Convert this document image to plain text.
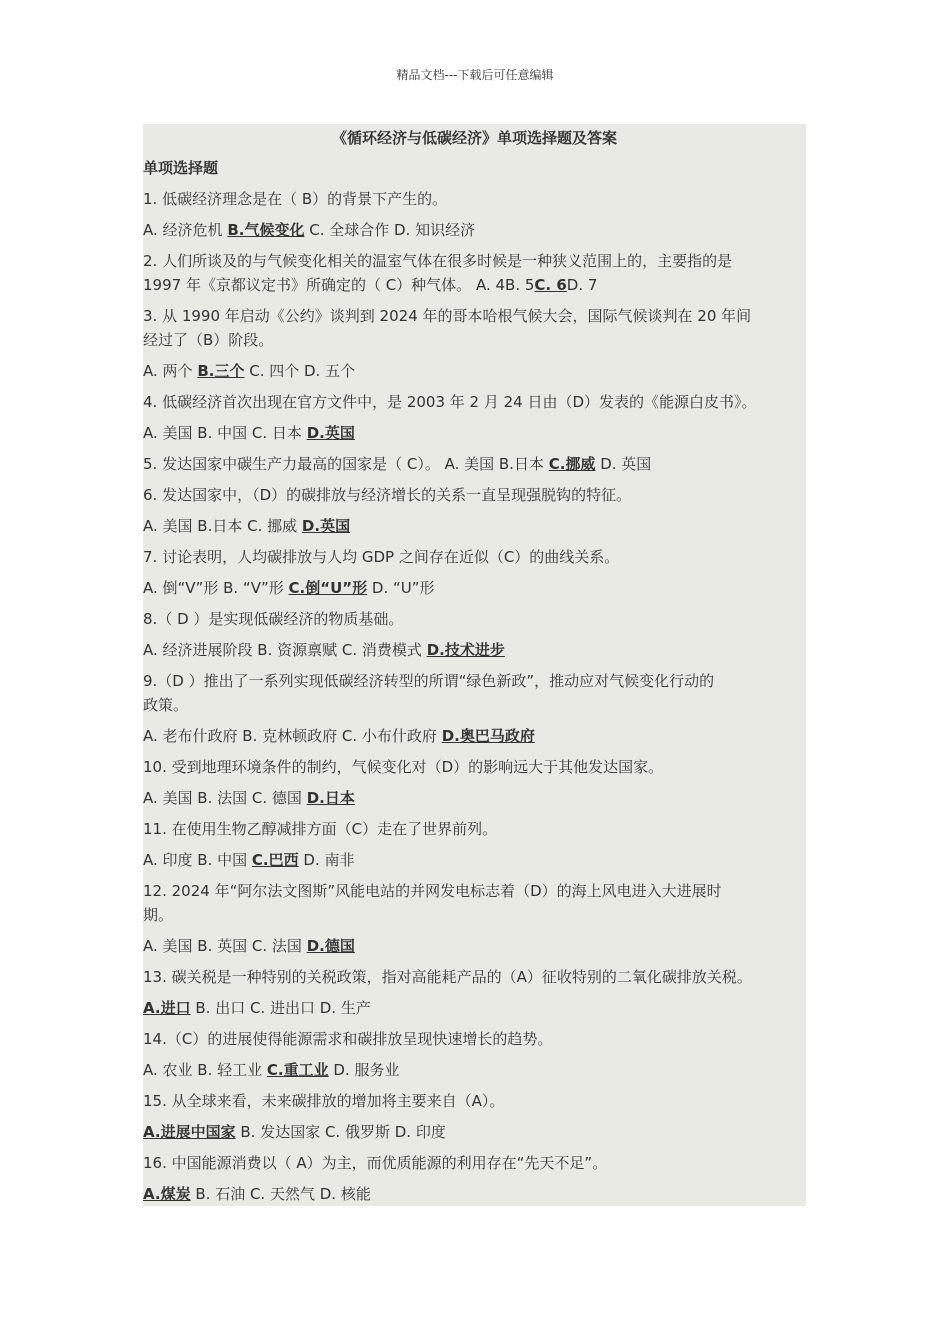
精品文档---下载后可任意编辑
《循环经济与低碳经济》单项选择题及答案
单项选择题
1. 低碳经济理念是在（ B）的背景下产生的。
A. 经济危机 B.气候变化 C. 全球合作 D. 知识经济
2. 人们所谈及的与气候变化相关的温室气体在很多时候是一种狭义范围上的，主要指的是
1997 年《京都议定书》所确定的（ C）种气体。 A. 4B. 5C. 6D. 7
3. 从 1990 年启动《公约》谈判到 2024 年的哥本哈根气候大会，国际气候谈判在 20 年间
经过了（B）阶段。
A. 两个 B.三个 C. 四个 D. 五个
4. 低碳经济首次出现在官方文件中，是 2003 年 2 月 24 日由（D）发表的《能源白皮书》。
A. 美国 B. 中国 C. 日本 D.英国
5. 发达国家中碳生产力最高的国家是（ C）。 A. 美国 B.日本 C.挪威 D. 英国
6. 发达国家中，（D）的碳排放与经济增长的关系一直呈现强脱钩的特征。
A. 美国 B.日本 C. 挪威 D.英国
7. 讨论表明，人均碳排放与人均 GDP 之间存在近似（C）的曲线关系。
A. 倒“V”形 B. “V”形 C.倒“U”形 D. “U”形
8.（ D ）是实现低碳经济的物质基础。
A. 经济进展阶段 B. 资源禀赋 C. 消费模式 D.技术进步
9.（D ）推出了一系列实现低碳经济转型的所谓“绿色新政”，推动应对气候变化行动的
政策。
A. 老布什政府 B. 克林顿政府 C. 小布什政府 D.奥巴马政府
10. 受到地理环境条件的制约，气候变化对（D）的影响远大于其他发达国家。
A. 美国 B. 法国 C. 德国 D.日本
11. 在使用生物乙醇减排方面（C）走在了世界前列。
A. 印度 B. 中国 C.巴西 D. 南非
12. 2024 年“阿尔法文图斯”风能电站的并网发电标志着（D）的海上风电进入大进展时
期。
A. 美国 B. 英国 C. 法国 D.德国
13. 碳关税是一种特别的关税政策，指对高能耗产品的（A）征收特别的二氧化碳排放关税。
A.进口 B. 出口 C. 进出口 D. 生产
14.（C）的进展使得能源需求和碳排放呈现快速增长的趋势。
A. 农业 B. 轻工业 C.重工业 D. 服务业
15. 从全球来看，未来碳排放的增加将主要来自（A）。
A.进展中国家 B. 发达国家 C. 俄罗斯 D. 印度
16. 中国能源消费以（ A）为主，而优质能源的利用存在“先天不足”。
A.煤炭 B. 石油 C. 天然气 D. 核能
